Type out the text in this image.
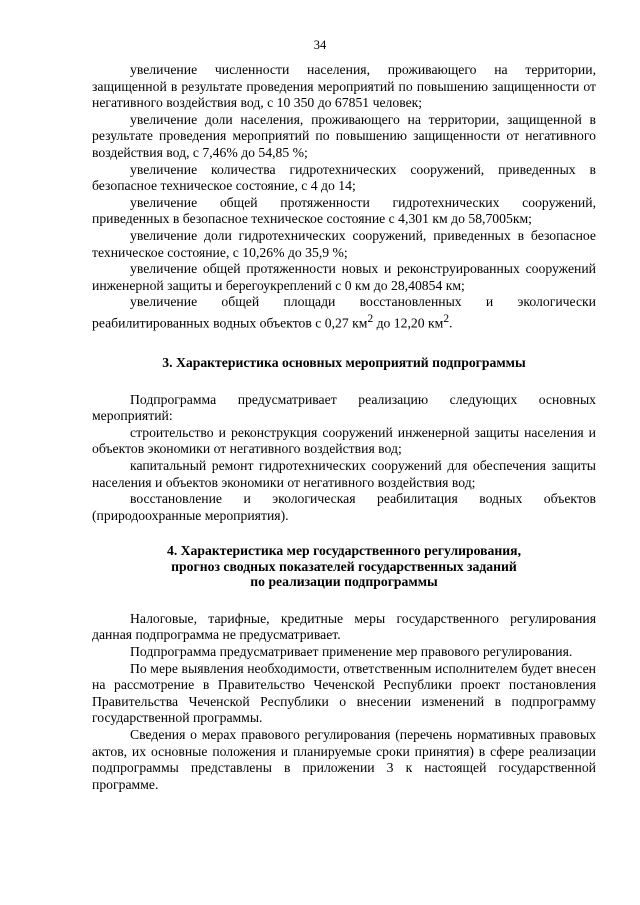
34

увеличение численности населения, проживающего на территории, защищенной в результате проведения мероприятий по повышению защищенности от негативного воздействия вод, с 10 350 до 67851 человек;

увеличение доли населения, проживающего на территории, защищенной в результате проведения мероприятий по повышению защищенности от негативного воздействия вод, с 7,46% до 54,85 %;

увеличение количества гидротехнических сооружений, приведенных в безопасное техническое состояние, с 4 до 14;

увеличение общей протяженности гидротехнических сооружений, приведенных в безопасное техническое состояние с 4,301 км до 58,7005км;

увеличение доли гидротехнических сооружений, приведенных в безопасное техническое состояние, с 10,26% до 35,9 %;

увеличение общей протяженности новых и реконструированных сооружений инженерной защиты и берегоукреплений с 0 км до 28,40854 км;

увеличение общей площади восстановленных и экологически реабилитированных водных объектов с 0,27 $км^2$ до 12,20 $км^2$.

3. Характеристика основных мероприятий подпрограммы

Подпрограмма предусматривает реализацию следующих основных мероприятий:

строительство и реконструкция сооружений инженерной защиты населения и объектов экономики от негативного воздействия вод;

капитальный ремонт гидротехнических сооружений для обеспечения защиты населения и объектов экономики от негативного воздействия вод;

восстановление и экологическая реабилитация водных объектов (природоохранные мероприятия).

4. Характеристика мер государственного регулирования,
прогноз сводных показателей государственных заданий
по реализации подпрограммы

Налоговые, тарифные, кредитные меры государственного регулирования данная подпрограмма не предусматривает.

Подпрограмма предусматривает применение мер правового регулирования.

По мере выявления необходимости, ответственным исполнителем будет внесен на рассмотрение в Правительство Чеченской Республики проект постановления Правительства Чеченской Республики о внесении изменений в подпрограмму государственной программы.

Сведения о мерах правового регулирования (перечень нормативных правовых актов, их основные положения и планируемые сроки принятия) в сфере реализации подпрограммы представлены в приложении 3 к настоящей государственной программе.
